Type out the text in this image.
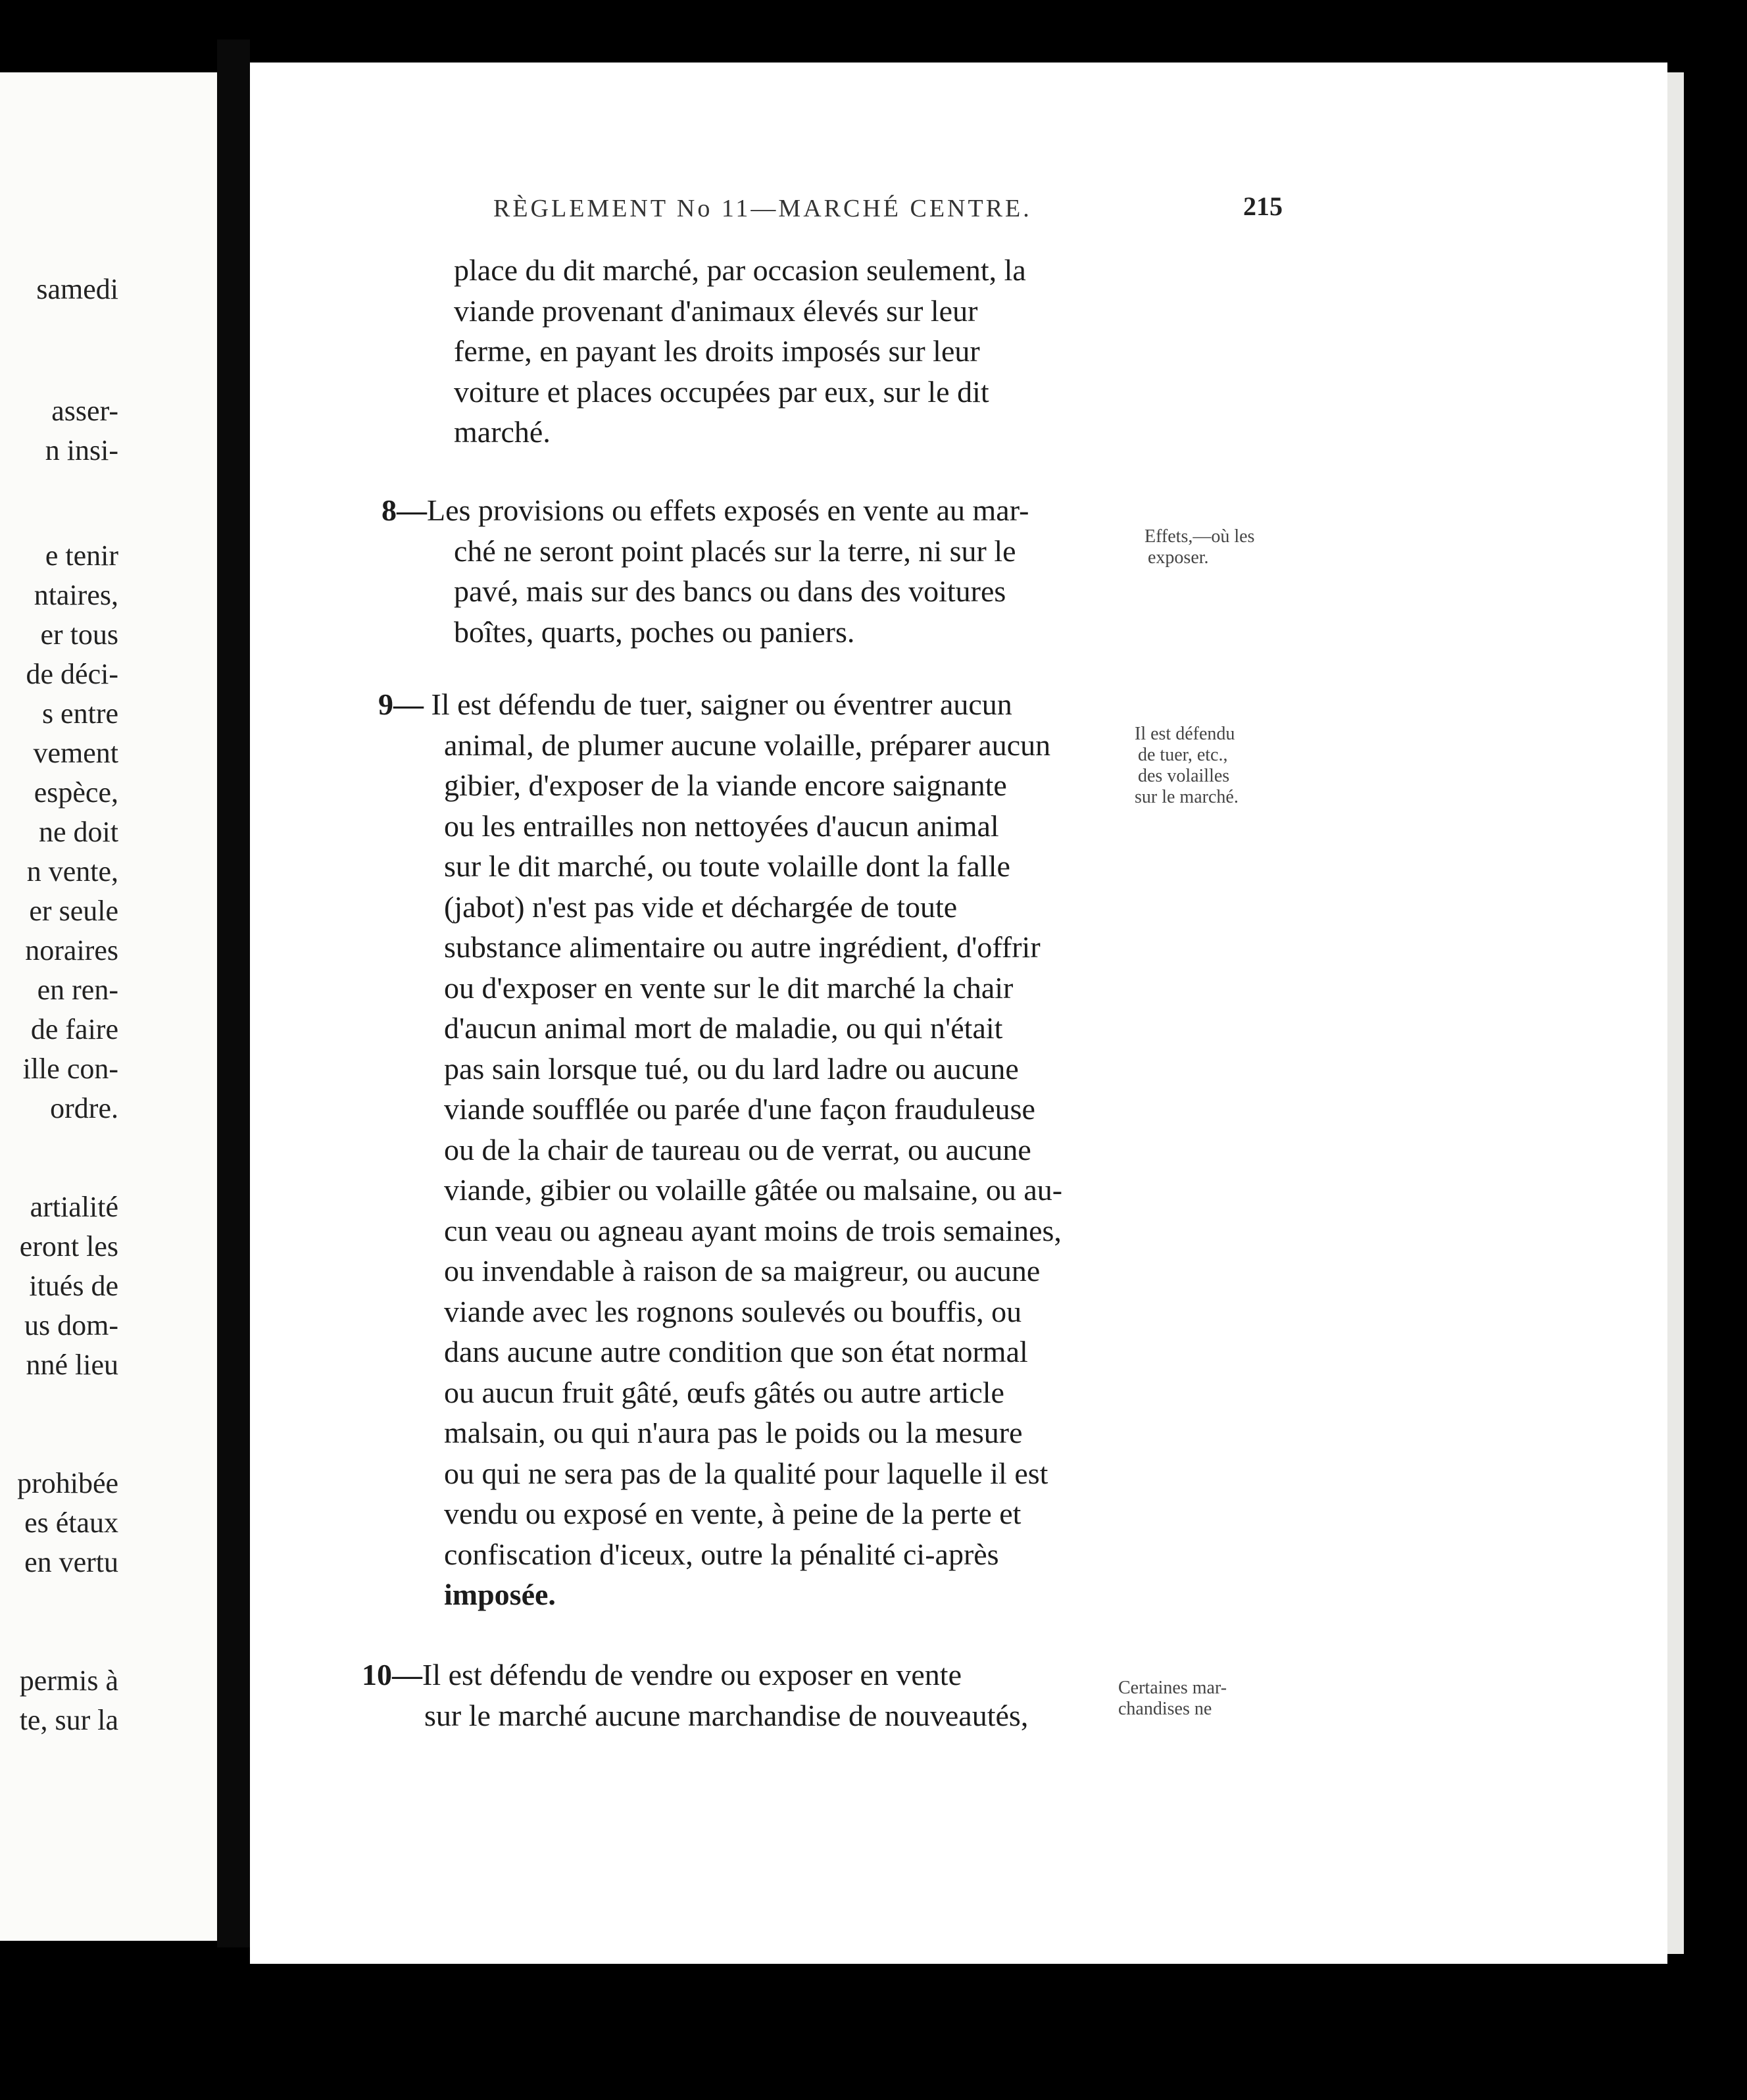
samedi
asser-
n insi-
e tenir
ntaires,
er tous
de déci-
s entre
vement
espèce,
ne doit
n vente,
er seule
noraires
en ren-
de faire
ille con-
ordre.
artialité
eront les
itués de
us dom-
nné lieu
prohibée
es étaux
en vertu
permis à
te, sur la
RÈGLEMENT No 11—MARCHÉ CENTRE.	215
place du dit marché, par occasion seulement, la
viande provenant d'animaux élevés sur leur
ferme, en payant les droits imposés sur leur
voiture et places occupées par eux, sur le dit
marché.
8—Les provisions ou effets exposés en vente au mar-
ché ne seront point placés sur la terre, ni sur le
pavé, mais sur des bancs ou dans des voitures
boîtes, quarts, poches ou paniers.
9— Il est défendu de tuer, saigner ou éventrer aucun
animal, de plumer aucune volaille, préparer aucun
gibier, d'exposer de la viande encore saignante
ou les entrailles non nettoyées d'aucun animal
sur le dit marché, ou toute volaille dont la falle
(jabot) n'est pas vide et déchargée de toute
substance alimentaire ou autre ingrédient, d'offrir
ou d'exposer en vente sur le dit marché la chair
d'aucun animal mort de maladie, ou qui n'était
pas sain lorsque tué, ou du lard ladre ou aucune
viande soufflée ou parée d'une façon frauduleuse
ou de la chair de taureau ou de verrat, ou aucune
viande, gibier ou volaille gâtée ou malsaine, ou au-
cun veau ou agneau ayant moins de trois semaines,
ou invendable à raison de sa maigreur, ou aucune
viande avec les rognons soulevés ou bouffis, ou
dans aucune autre condition que son état normal
ou aucun fruit gâté, œufs gâtés ou autre article
malsain, ou qui n'aura pas le poids ou la mesure
ou qui ne sera pas de la qualité pour laquelle il est
vendu ou exposé en vente, à peine de la perte et
confiscation d'iceux, outre la pénalité ci-après
imposée.
10—Il est défendu de vendre ou exposer en vente
sur le marché aucune marchandise de nouveautés,
Effets,—où les
exposer.
Il est défendu
de tuer, etc.,
des volailles
sur le marché.
Certaines mar-
chandises ne
